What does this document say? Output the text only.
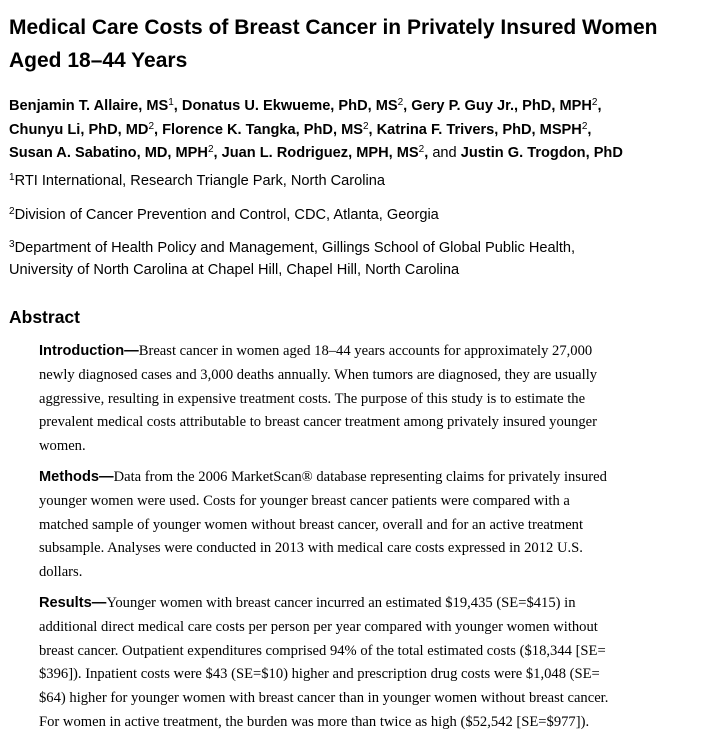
Medical Care Costs of Breast Cancer in Privately Insured Women
Aged 18–44 Years
Benjamin T. Allaire, $MS^1$, Donatus U. Ekwueme, PhD, $MS^2$, Gery P. Guy Jr., PhD, MPH$^2$,
Chunyu Li, PhD, $MD^2$, Florence K. Tangka, PhD, $MS^2$, Katrina F. Trivers, PhD, MSPH$^2$,
Susan A. Sabatino, MD, MPH$^2$, Juan L. Rodriguez, MPH, $MS^2$, and Justin G. Trogdon, PhD
$^1$RTI International, Research Triangle Park, North Carolina
$^2$Division of Cancer Prevention and Control, CDC, Atlanta, Georgia
$^3$Department of Health Policy and Management, Gillings School of Global Public Health,
University of North Carolina at Chapel Hill, Chapel Hill, North Carolina
Abstract
Introduction—Breast cancer in women aged 18–44 years accounts for approximately 27,000
newly diagnosed cases and 3,000 deaths annually. When tumors are diagnosed, they are usually
aggressive, resulting in expensive treatment costs. The purpose of this study is to estimate the
prevalent medical costs attributable to breast cancer treatment among privately insured younger
women.
Methods—Data from the 2006 MarketScan® database representing claims for privately insured
younger women were used. Costs for younger breast cancer patients were compared with a
matched sample of younger women without breast cancer, overall and for an active treatment
subsample. Analyses were conducted in 2013 with medical care costs expressed in 2012 U.S.
dollars.
Results—Younger women with breast cancer incurred an estimated $19,435 (SE=$415) in
additional direct medical care costs per person per year compared with younger women without
breast cancer. Outpatient expenditures comprised 94% of the total estimated costs ($18,344 [SE=
$396]). Inpatient costs were $43 (SE=$10) higher and prescription drug costs were $1,048 (SE=
$64) higher for younger women with breast cancer than in younger women without breast cancer.
For women in active treatment, the burden was more than twice as high ($52,542 [SE=$977]).
